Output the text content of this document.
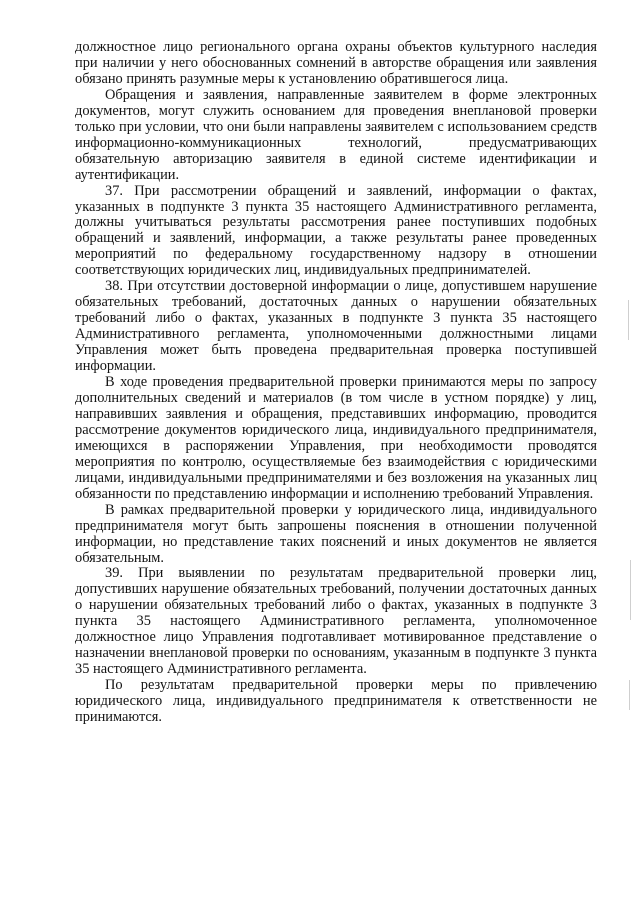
должностное лицо регионального органа охраны объектов культурного наследия при наличии у него обоснованных сомнений в авторстве обращения или заявления обязано принять разумные меры к установлению обратившегося лица.

Обращения и заявления, направленные заявителем в форме электронных документов, могут служить основанием для проведения внеплановой проверки только при условии, что они были направлены заявителем с использованием средств информационно-коммуникационных технологий, предусматривающих обязательную авторизацию заявителя в единой системе идентификации и аутентификации.

37. При рассмотрении обращений и заявлений, информации о фактах, указанных в подпункте 3 пункта 35 настоящего Административного регламента, должны учитываться результаты рассмотрения ранее поступивших подобных обращений и заявлений, информации, а также результаты ранее проведенных мероприятий по федеральному государственному надзору в отношении соответствующих юридических лиц, индивидуальных предпринимателей.

38. При отсутствии достоверной информации о лице, допустившем нарушение обязательных требований, достаточных данных о нарушении обязательных требований либо о фактах, указанных в подпункте 3 пункта 35 настоящего Административного регламента, уполномоченными должностными лицами Управления может быть проведена предварительная проверка поступившей информации.

В ходе проведения предварительной проверки принимаются меры по запросу дополнительных сведений и материалов (в том числе в устном порядке) у лиц, направивших заявления и обращения, представивших информацию, проводится рассмотрение документов юридического лица, индивидуального предпринимателя, имеющихся в распоряжении Управления, при необходимости проводятся мероприятия по контролю, осуществляемые без взаимодействия с юридическими лицами, индивидуальными предпринимателями и без возложения на указанных лиц обязанности по представлению информации и исполнению требований Управления.

В рамках предварительной проверки у юридического лица, индивидуального предпринимателя могут быть запрошены пояснения в отношении полученной информации, но представление таких пояснений и иных документов не является обязательным.

39. При выявлении по результатам предварительной проверки лиц, допустивших нарушение обязательных требований, получении достаточных данных о нарушении обязательных требований либо о фактах, указанных в подпункте 3 пункта 35 настоящего Административного регламента, уполномоченное должностное лицо Управления подготавливает мотивированное представление о назначении внеплановой проверки по основаниям, указанным в подпункте 3 пункта 35 настоящего Административного регламента.

По результатам предварительной проверки меры по привлечению юридического лица, индивидуального предпринимателя к ответственности не принимаются.
